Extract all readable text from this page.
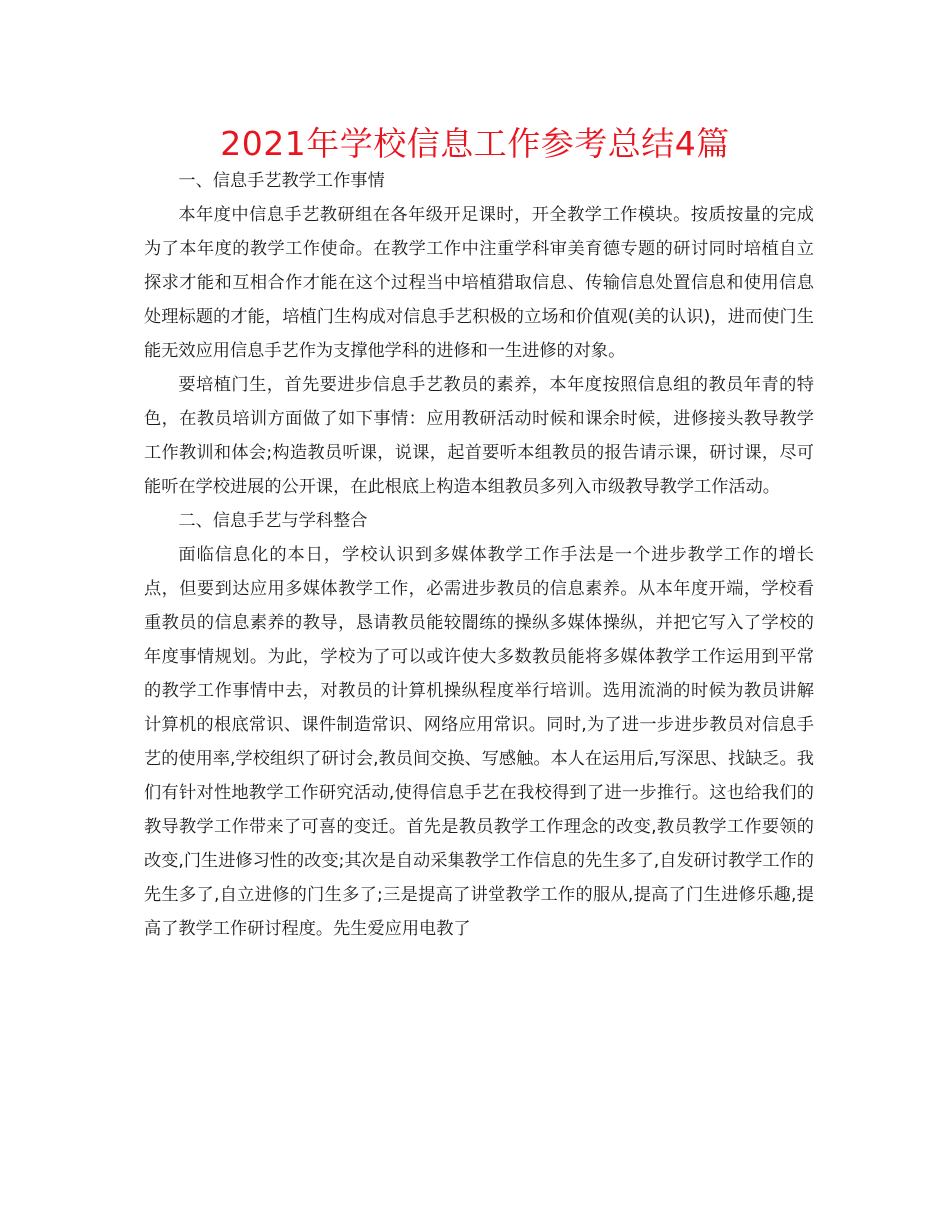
2021年学校信息工作参考总结4篇

一、信息手艺教学工作事情

本年度中信息手艺教研组在各年级开足课时，开全教学工作模块。按质按量的完成为了本年度的教学工作使命。在教学工作中注重学科审美育德专题的研讨同时培植自立探求才能和互相合作才能在这个过程当中培植猎取信息、传输信息处置信息和使用信息处理标题的才能，培植门生构成对信息手艺积极的立场和价值观(美的认识)，进而使门生能无效应用信息手艺作为支撑他学科的进修和一生进修的对象。

要培植门生，首先要进步信息手艺教员的素养，本年度按照信息组的教员年青的特色，在教员培训方面做了如下事情：应用教研活动时候和课余时候，进修接头教导教学工作教训和体会;构造教员听课，说课，起首要听本组教员的报告请示课，研讨课，尽可能听在学校进展的公开课，在此根底上构造本组教员多列入市级教导教学工作活动。

二、信息手艺与学科整合

面临信息化的本日，学校认识到多媒体教学工作手法是一个进步教学工作的增长点，但要到达应用多媒体教学工作，必需进步教员的信息素养。从本年度开端，学校看重教员的信息素养的教导，恳请教员能较闇练的操纵多媒体操纵，并把它写入了学校的年度事情规划。为此，学校为了可以或许使大多数教员能将多媒体教学工作运用到平常的教学工作事情中去，对教员的计算机操纵程度举行培训。选用流淌的时候为教员讲解计算机的根底常识、课件制造常识、网络应用常识。同时,为了进一步进步教员对信息手艺的使用率,学校组织了研讨会,教员间交换、写感触。本人在运用后,写深思、找缺乏。我们有针对性地教学工作研究活动,使得信息手艺在我校得到了进一步推行。这也给我们的教导教学工作带来了可喜的变迁。首先是教员教学工作理念的改变,教员教学工作要领的改变,门生进修习性的改变;其次是自动采集教学工作信息的先生多了,自发研讨教学工作的先生多了,自立进修的门生多了;三是提高了讲堂教学工作的服从,提高了门生进修乐趣,提高了教学工作研讨程度。先生爱应用电教了
